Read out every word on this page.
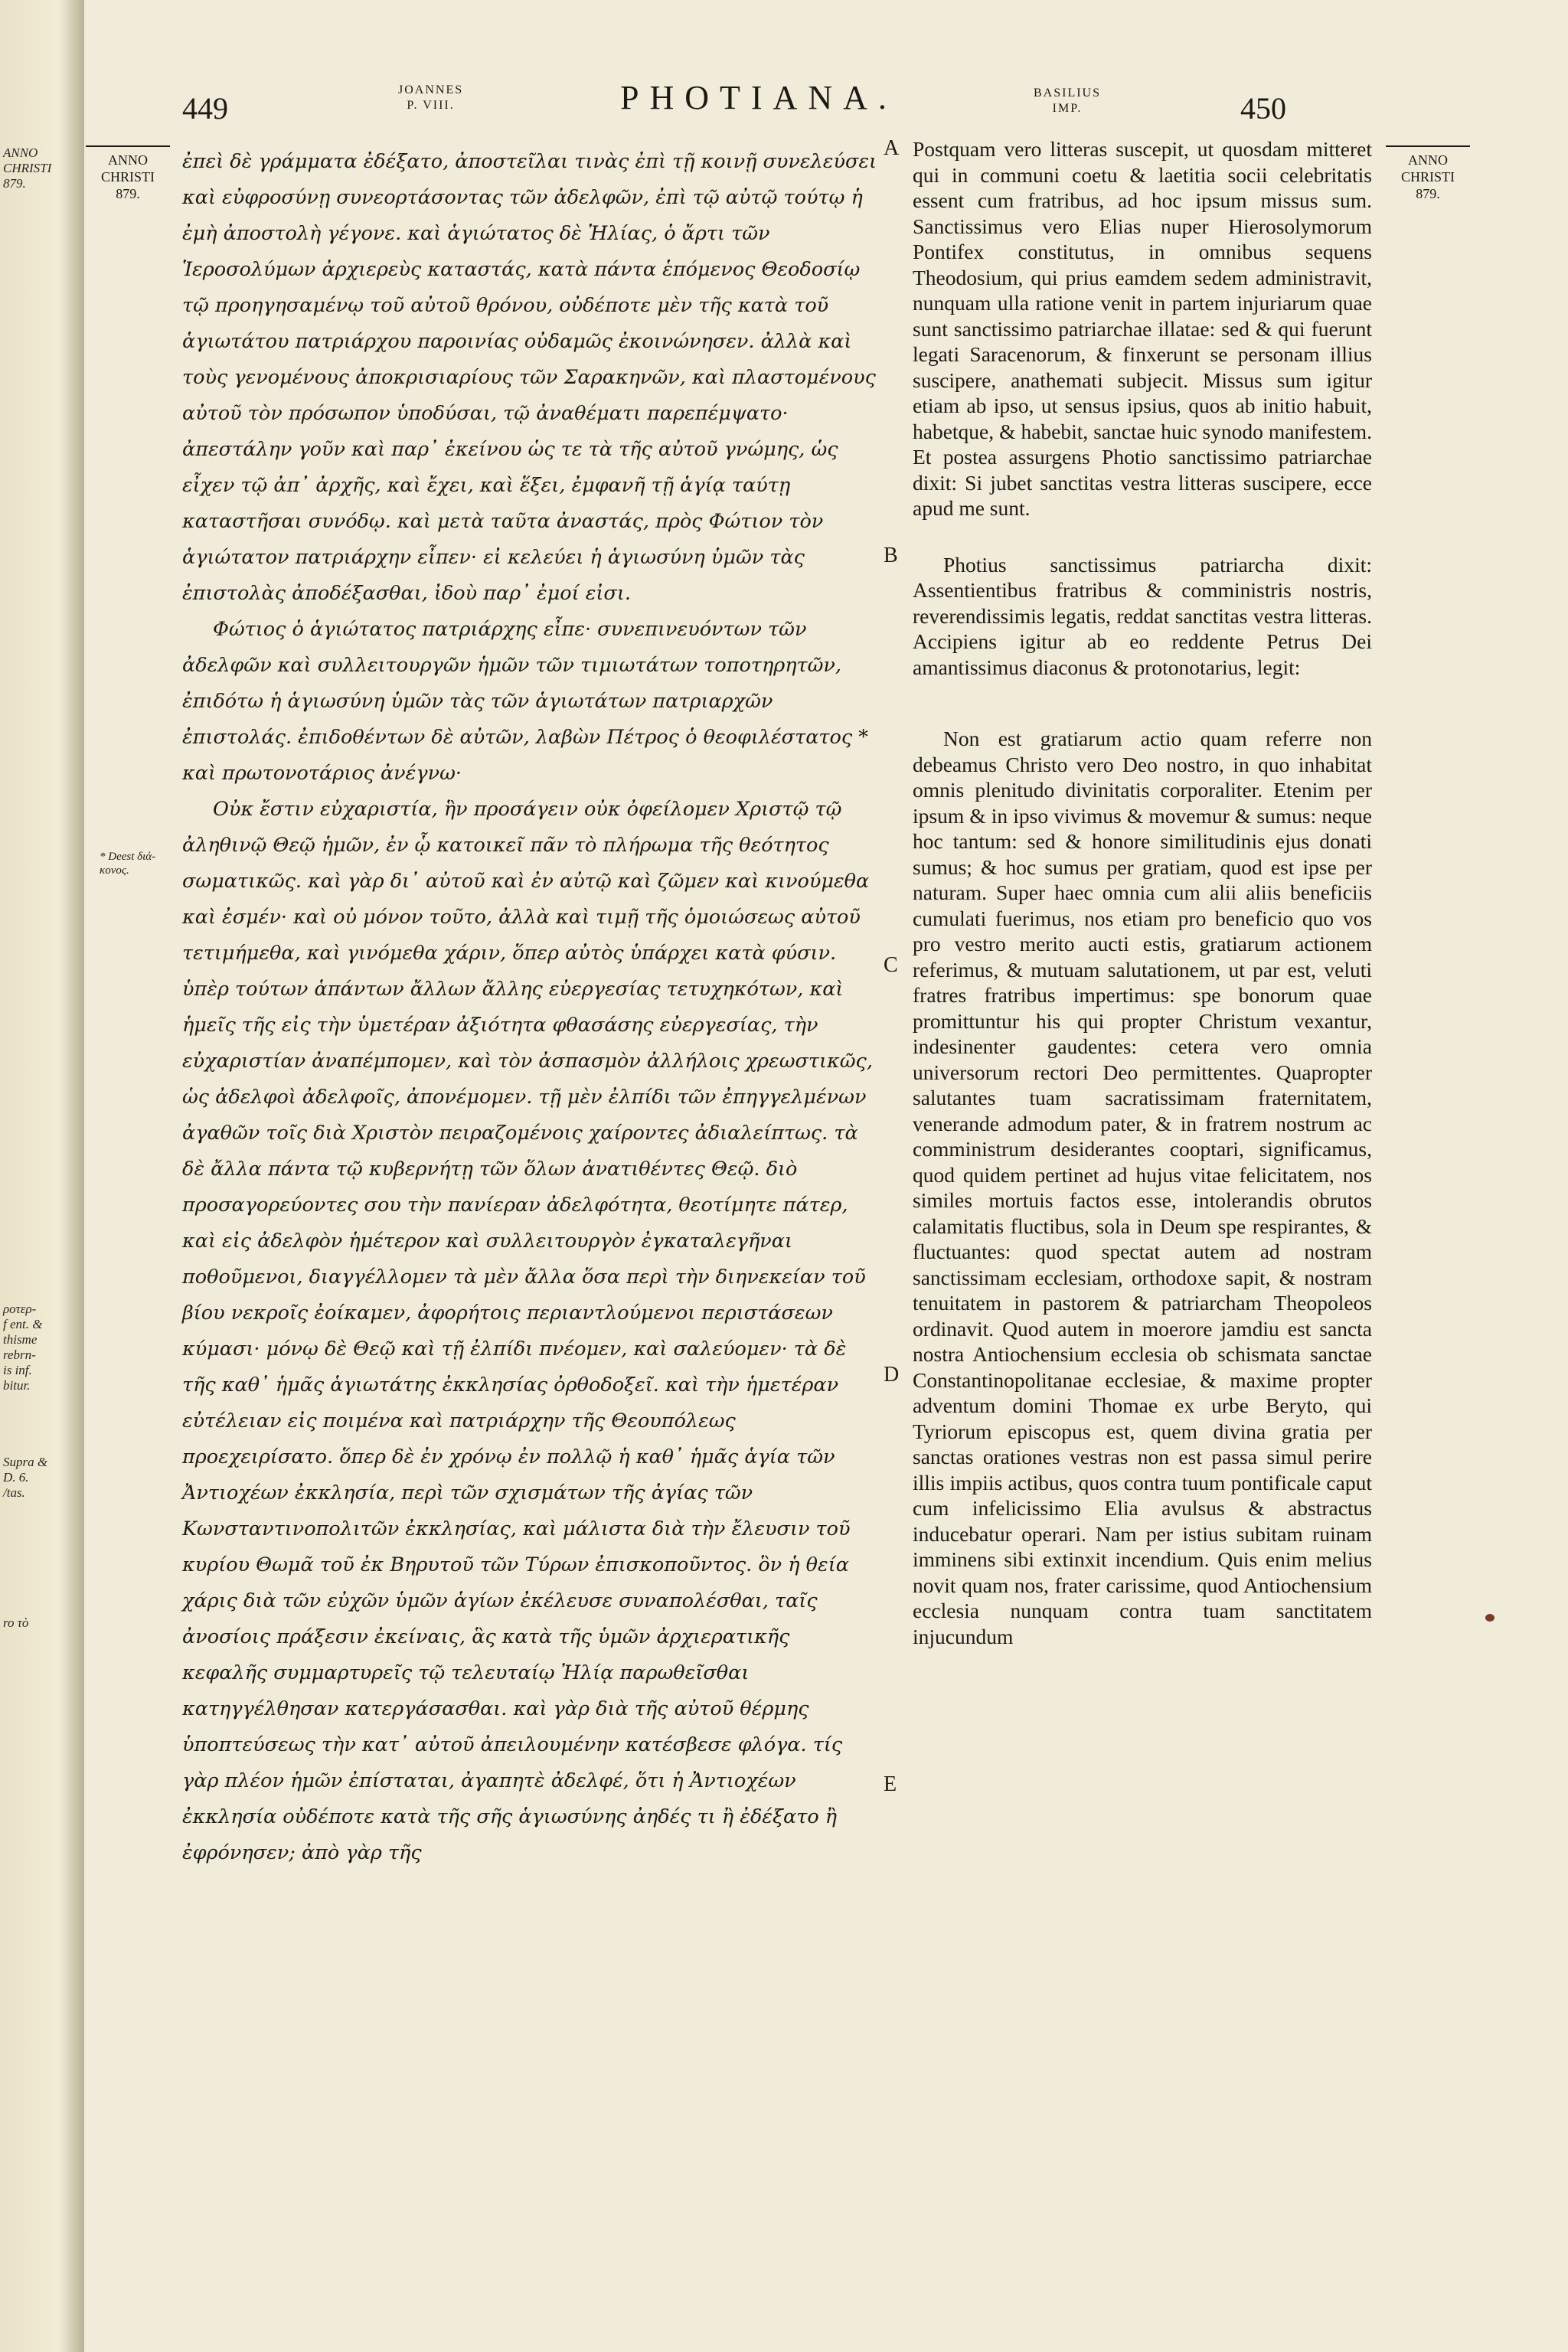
ANNO
CHRISTI
879.
ροτερ-
f ent. &
thisme
rebrn-
is inf.
bitur.
Supra &
D. 6.
/tas.
ro τὸ
449
JOANNES
P. VIII.	PHOTIANA.	BASILIUS
IMP.	450
ANNO
CHRISTI
879.
ANNO
CHRISTI
879.
* Deest διά-κονος.
A
B
C
D
E

ἐπεὶ δὲ γράμματα ἐδέξατο, ἀποστεῖλαι τινὰς ἐπὶ τῇ κοινῇ συνελεύσει καὶ εὐφροσύνῃ συνεορτάσοντας τῶν ἀδελφῶν, ἐπὶ τῷ αὐτῷ τούτῳ ἡ ἐμὴ ἀποστολὴ γέγονε. καὶ ἁγιώτατος δὲ Ἠλίας, ὁ ἄρτι τῶν Ἱεροσολύμων ἀρχιερεὺς καταστάς, κατὰ πάντα ἑπόμενος Θεοδοσίῳ τῷ προηγησαμένῳ τοῦ αὐτοῦ θρόνου, οὐδέποτε μὲν τῆς κατὰ τοῦ ἁγιωτάτου πατριάρχου παροινίας οὐδαμῶς ἐκοινώνησεν. ἀλλὰ καὶ τοὺς γενομένους ἀποκρισιαρίους τῶν Σαρακηνῶν, καὶ πλαστομένους αὐτοῦ τὸν πρόσωπον ὑποδύσαι, τῷ ἀναθέματι παρεπέμψατο· ἀπεστάλην γοῦν καὶ παρ᾽ ἐκείνου ὡς τε τὰ τῆς αὐτοῦ γνώμης, ὡς εἶχεν τῷ ἀπ᾽ ἀρχῆς, καὶ ἔχει, καὶ ἕξει, ἐμφανῆ τῇ ἁγίᾳ ταύτῃ καταστῆσαι συνόδῳ. καὶ μετὰ ταῦτα ἀναστάς, πρὸς Φώτιον τὸν ἁγιώτατον πατριάρχην εἶπεν· εἰ κελεύει ἡ ἁγιωσύνη ὑμῶν τὰς ἐπιστολὰς ἀποδέξασθαι, ἰδοὺ παρ᾽ ἐμοί εἰσι.

Φώτιος ὁ ἁγιώτατος πατριάρχης εἶπε· συνεπινευόντων τῶν ἀδελφῶν καὶ συλλειτουργῶν ἡμῶν τῶν τιμιωτάτων τοποτηρητῶν, ἐπιδότω ἡ ἁγιωσύνη ὑμῶν τὰς τῶν ἁγιωτάτων πατριαρχῶν ἐπιστολάς. ἐπιδοθέντων δὲ αὐτῶν, λαβὼν Πέτρος ὁ θεοφιλέστατος * καὶ πρωτονοτάριος ἀνέγνω·

Οὐκ ἔστιν εὐχαριστία, ἣν προσάγειν οὐκ ὀφείλομεν Χριστῷ τῷ ἀληθινῷ Θεῷ ἡμῶν, ἐν ᾧ κατοικεῖ πᾶν τὸ πλήρωμα τῆς θεότητος σωματικῶς. καὶ γὰρ δι᾽ αὐτοῦ καὶ ἐν αὐτῷ καὶ ζῶμεν καὶ κινούμεθα καὶ ἐσμέν· καὶ οὐ μόνον τοῦτο, ἀλλὰ καὶ τιμῇ τῆς ὁμοιώσεως αὐτοῦ τετιμήμεθα, καὶ γινόμεθα χάριν, ὅπερ αὐτὸς ὑπάρχει κατὰ φύσιν. ὑπὲρ τούτων ἁπάντων ἄλλων ἄλλης εὐεργεσίας τετυχηκότων, καὶ ἡμεῖς τῆς εἰς τὴν ὑμετέραν ἀξιότητα φθασάσης εὐεργεσίας, τὴν εὐχαριστίαν ἀναπέμπομεν, καὶ τὸν ἀσπασμὸν ἀλλήλοις χρεωστικῶς, ὡς ἀδελφοὶ ἀδελφοῖς, ἀπονέμομεν. τῇ μὲν ἐλπίδι τῶν ἐπηγγελμένων ἀγαθῶν τοῖς διὰ Χριστὸν πειραζομένοις χαίροντες ἀδιαλείπτως. τὰ δὲ ἄλλα πάντα τῷ κυβερνήτῃ τῶν ὅλων ἀνατιθέντες Θεῷ. διὸ προσαγορεύοντες σου τὴν πανίεραν ἀδελφότητα, θεοτίμητε πάτερ, καὶ εἰς ἀδελφὸν ἡμέτερον καὶ συλλειτουργὸν ἐγκαταλεγῆναι ποθοῦμενοι, διαγγέλλομεν τὰ μὲν ἄλλα ὅσα περὶ τὴν διηνεκείαν τοῦ βίου νεκροῖς ἐοίκαμεν, ἀφορήτοις περιαντλούμενοι περιστάσεων κύμασι· μόνῳ δὲ Θεῷ καὶ τῇ ἐλπίδι πνέομεν, καὶ σαλεύομεν· τὰ δὲ τῆς καθ᾽ ἡμᾶς ἁγιωτάτης ἐκκλησίας ὀρθοδοξεῖ. καὶ τὴν ἡμετέραν εὐτέλειαν εἰς ποιμένα καὶ πατριάρχην τῆς Θεουπόλεως προεχειρίσατο. ὅπερ δὲ ἐν χρόνῳ ἐν πολλῷ ἡ καθ᾽ ἡμᾶς ἁγία τῶν Ἀντιοχέων ἐκκλησία, περὶ τῶν σχισμάτων τῆς ἁγίας τῶν Κωνσταντινοπολιτῶν ἐκκλησίας, καὶ μάλιστα διὰ τὴν ἔλευσιν τοῦ κυρίου Θωμᾶ τοῦ ἐκ Βηρυτοῦ τῶν Τύρων ἐπισκοποῦντος. ὃν ἡ θεία χάρις διὰ τῶν εὐχῶν ὑμῶν ἁγίων ἐκέλευσε συναπολέσθαι, ταῖς ἀνοσίοις πράξεσιν ἐκείναις, ἃς κατὰ τῆς ὑμῶν ἀρχιερατικῆς κεφαλῆς συμμαρτυρεῖς τῷ τελευταίῳ Ἠλίᾳ παρωθεῖσθαι κατηγγέλθησαν κατεργάσασθαι. καὶ γὰρ διὰ τῆς αὐτοῦ θέρμης ὑποπτεύσεως τὴν κατ᾽ αὐτοῦ ἀπειλουμένην κατέσβεσε φλόγα. τίς γὰρ πλέον ἡμῶν ἐπίσταται, ἀγαπητὲ ἀδελφέ, ὅτι ἡ Ἀντιοχέων ἐκκλησία οὐδέποτε κατὰ τῆς σῆς ἁγιωσύνης ἀηδές τι ἢ ἐδέξατο ἢ ἐφρόνησεν; ἀπὸ γὰρ τῆς

Postquam vero litteras suscepit, ut quosdam mitteret qui in communi coetu & laetitia socii celebritatis essent cum fratribus, ad hoc ipsum missus sum. Sanctissimus vero Elias nuper Hierosolymorum Pontifex constitutus, in omnibus sequens Theodosium, qui prius eamdem sedem administravit, nunquam ulla ratione venit in partem injuriarum quae sunt sanctissimo patriarchae illatae: sed & qui fuerunt legati Saracenorum, & finxerunt se personam illius suscipere, anathemati subjecit. Missus sum igitur etiam ab ipso, ut sensus ipsius, quos ab initio habuit, habetque, & habebit, sanctae huic synodo manifestem. Et postea assurgens Photio sanctissimo patriarchae dixit: Si jubet sanctitas vestra litteras suscipere, ecce apud me sunt.

Photius sanctissimus patriarcha dixit: Assentientibus fratribus & comministris nostris, reverendissimis legatis, reddat sanctitas vestra litteras. Accipiens igitur ab eo reddente Petrus Dei amantissimus diaconus & protonotarius, legit:

Non est gratiarum actio quam referre non debeamus Christo vero Deo nostro, in quo inhabitat omnis plenitudo divinitatis corporaliter. Etenim per ipsum & in ipso vivimus & movemur & sumus: neque hoc tantum: sed & honore similitudinis ejus donati sumus; & hoc sumus per gratiam, quod est ipse per naturam. Super haec omnia cum alii aliis beneficiis cumulati fuerimus, nos etiam pro beneficio quo vos pro vestro merito aucti estis, gratiarum actionem referimus, & mutuam salutationem, ut par est, veluti fratres fratribus impertimus: spe bonorum quae promittuntur his qui propter Christum vexantur, indesinenter gaudentes: cetera vero omnia universorum rectori Deo permittentes. Quapropter salutantes tuam sacratissimam fraternitatem, venerande admodum pater, & in fratrem nostrum ac comministrum desiderantes cooptari, significamus, quod quidem pertinet ad hujus vitae felicitatem, nos similes mortuis factos esse, intolerandis obrutos calamitatis fluctibus, sola in Deum spe respirantes, & fluctuantes: quod spectat autem ad nostram sanctissimam ecclesiam, orthodoxe sapit, & nostram tenuitatem in pastorem & patriarcham Theopoleos ordinavit. Quod autem in moerore jamdiu est sancta nostra Antiochensium ecclesia ob schismata sanctae Constantinopolitanae ecclesiae, & maxime propter adventum domini Thomae ex urbe Beryto, qui Tyriorum episcopus est, quem divina gratia per sanctas orationes vestras non est passa simul perire illis impiis actibus, quos contra tuum pontificale caput cum infelicissimo Elia avulsus & abstractus inducebatur operari. Nam per istius subitam ruinam imminens sibi extinxit incendium. Quis enim melius novit quam nos, frater carissime, quod Antiochensium ecclesia nunquam contra tuam sanctitatem injucundum
